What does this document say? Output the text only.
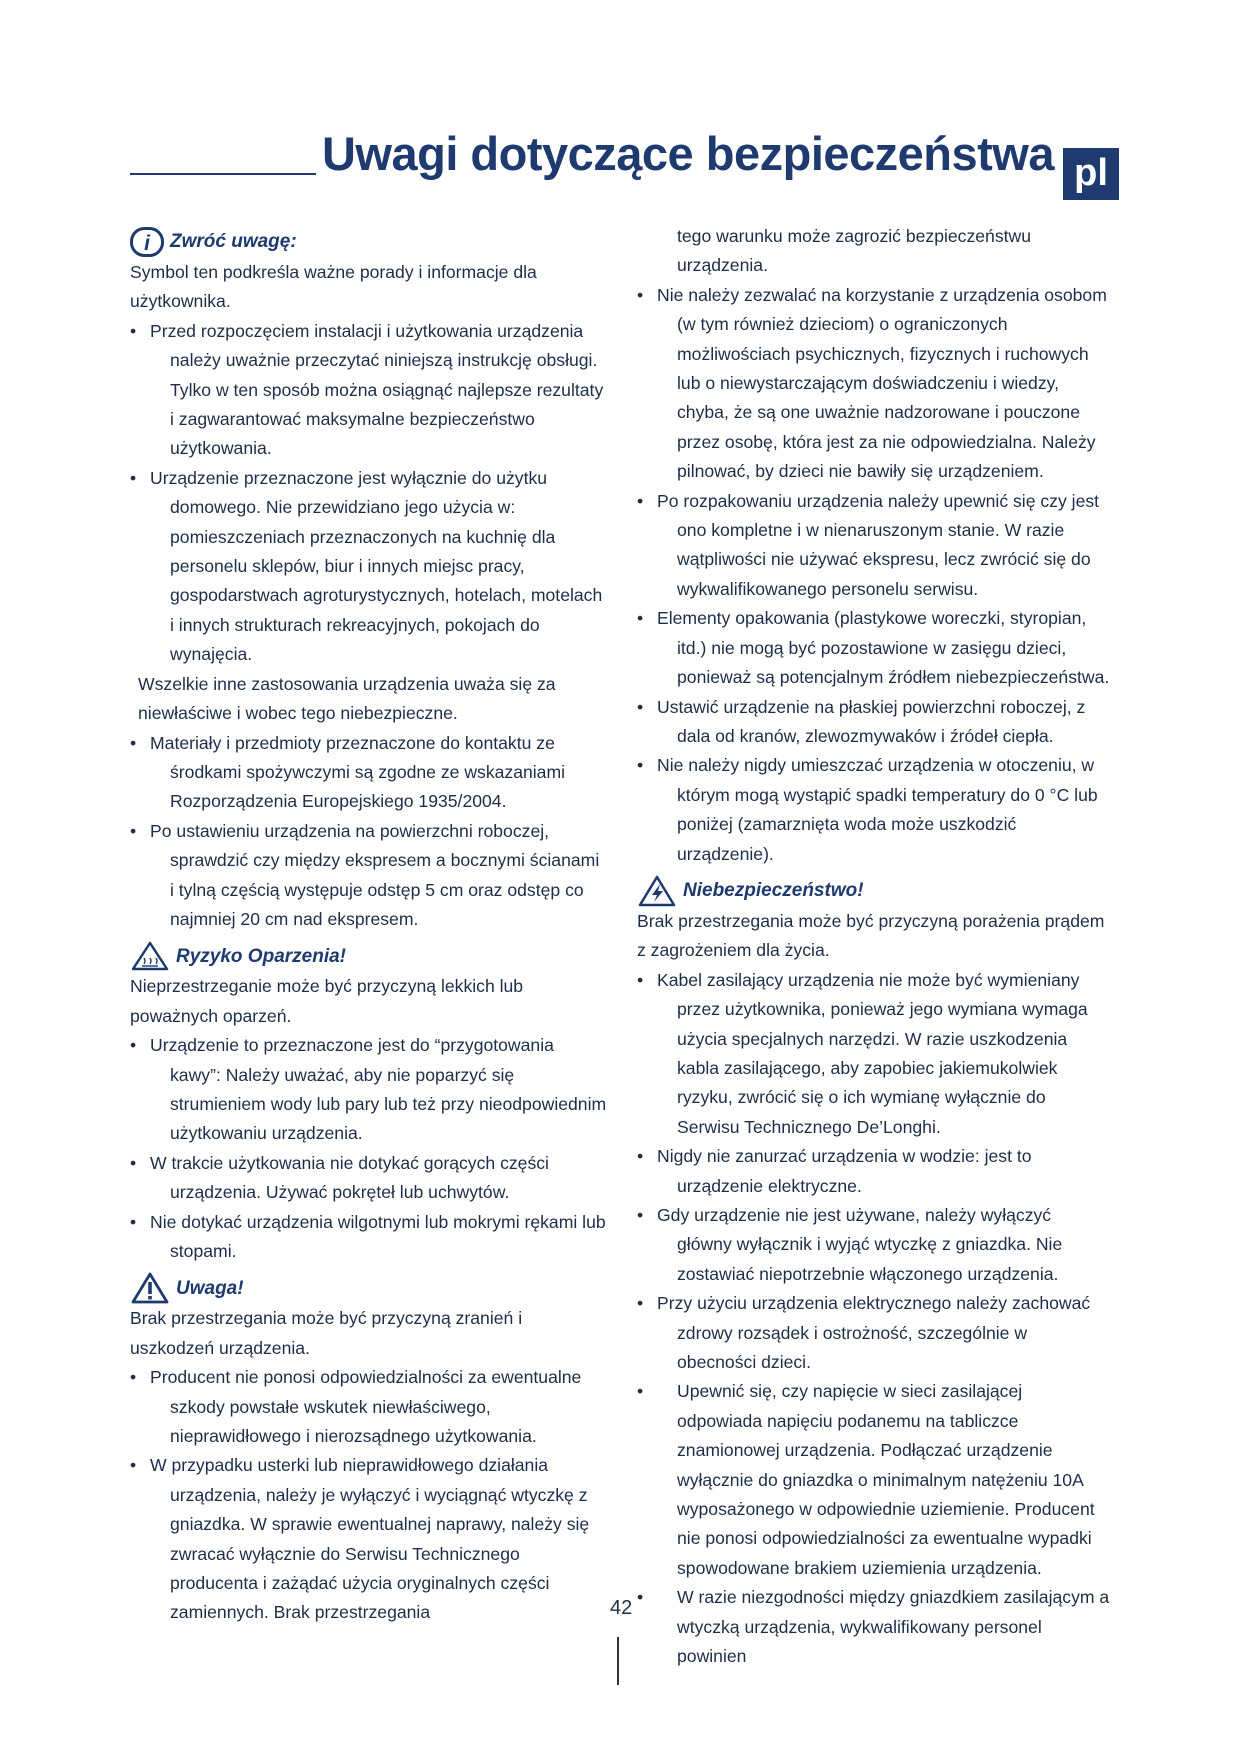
Uwagi dotyczące bezpieczeństwa pl
i Zwróć uwagę:

Symbol ten podkreśla ważne porady i informacje dla użytkownika.

• Przed rozpoczęciem instalacji i użytkowania urządzenia należy uważnie przeczytać niniejszą instrukcję obsługi. Tylko w ten sposób można osiągnąć najlepsze rezultaty i zagwarantować maksymalne bezpieczeństwo użytkowania.
• Urządzenie przeznaczone jest wyłącznie do użytku domowego. Nie przewidziano jego użycia w: pomieszczeniach przeznaczonych na kuchnię dla personelu sklepów, biur i innych miejsc pracy, gospodarstwach agroturystycznych, hotelach, motelach i innych strukturach rekreacyjnych, pokojach do wynajęcia.

Wszelkie inne zastosowania urządzenia uważa się za niewłaściwe i wobec tego niebezpieczne.

• Materiały i przedmioty przeznaczone do kontaktu ze środkami spożywczymi są zgodne ze wskazaniami Rozporządzenia Europejskiego 1935/2004.
• Po ustawieniu urządzenia na powierzchni roboczej, sprawdzić czy między ekspresem a bocznymi ścianami i tylną częścią występuje odstęp 5 cm oraz odstęp co najmniej 20 cm nad ekspresem.
Ryzyko Oparzenia!

Nieprzestrzeganie może być przyczyną lekkich lub poważnych oparzeń.

• Urządzenie to przeznaczone jest do “przygotowania kawy”: Należy uważać, aby nie poparzyć się strumieniem wody lub pary lub też przy nieodpowiednim użytkowaniu urządzenia.
• W trakcie użytkowania nie dotykać gorących części urządzenia. Używać pokręteł lub uchwytów.
• Nie dotykać urządzenia wilgotnymi lub mokrymi rękami lub stopami.
Uwaga!

Brak przestrzegania może być przyczyną zranień i uszkodzeń urządzenia.

• Producent nie ponosi odpowiedzialności za ewentualne szkody powstałe wskutek niewłaściwego, nieprawidłowego i nierozsądnego użytkowania.
• W przypadku usterki lub nieprawidłowego działania urządzenia, należy je wyłączyć i wyciągnąć wtyczkę z gniazdka. W sprawie ewentualnej naprawy, należy się zwracać wyłącznie do Serwisu Technicznego producenta i zażądać użycia oryginalnych części zamiennych. Brak przestrzegania

tego warunku może zagrozić bezpieczeństwu urządzenia.

• Nie należy zezwalać na korzystanie z urządzenia osobom (w tym również dzieciom) o ograniczonych możliwościach psychicznych, fizycznych i ruchowych lub o niewystarczającym doświadczeniu i wiedzy, chyba, że są one uważnie nadzorowane i pouczone przez osobę, która jest za nie odpowiedzialna. Należy pilnować, by dzieci nie bawiły się urządzeniem.
• Po rozpakowaniu urządzenia należy upewnić się czy jest ono kompletne i w nienaruszonym stanie. W razie wątpliwości nie używać ekspresu, lecz zwrócić się do wykwalifikowanego personelu serwisu.
• Elementy opakowania (plastykowe woreczki, styropian, itd.) nie mogą być pozostawione w zasięgu dzieci, ponieważ są potencjalnym źródłem niebezpieczeństwa.
• Ustawić urządzenie na płaskiej powierzchni roboczej, z dala od kranów, zlewozmywaków i źródeł ciepła.
• Nie należy nigdy umieszczać urządzenia w otoczeniu, w którym mogą wystąpić spadki temperatury do 0 °C lub poniżej (zamarznięta woda może uszkodzić urządzenie).
Niebezpieczeństwo!

Brak przestrzegania może być przyczyną porażenia prądem z zagrożeniem dla życia.

• Kabel zasilający urządzenia nie może być wymieniany przez użytkownika, ponieważ jego wymiana wymaga użycia specjalnych narzędzi. W razie uszkodzenia kabla zasilającego, aby zapobiec jakiemukolwiek ryzyku, zwrócić się o ich wymianę wyłącznie do Serwisu Technicznego De’Longhi.
• Nigdy nie zanurzać urządzenia w wodzie: jest to urządzenie elektryczne.
• Gdy urządzenie nie jest używane, należy wyłączyć główny wyłącznik i wyjąć wtyczkę z gniazdka. Nie zostawiać niepotrzebnie włączonego urządzenia.
• Przy użyciu urządzenia elektrycznego należy zachować zdrowy rozsądek i ostrożność, szczególnie w obecności dzieci.
• Upewnić się, czy napięcie w sieci zasilającej odpowiada napięciu podanemu na tabliczce znamionowej urządzenia. Podłączać urządzenie wyłącznie do gniazdka o minimalnym natężeniu 10A wyposażonego w odpowiednie uziemienie. Producent nie ponosi odpowiedzialności za ewentualne wypadki spowodowane brakiem uziemienia urządzenia.
• W razie niezgodności między gniazdkiem zasilającym a wtyczką urządzenia, wykwalifikowany personel powinien
42
